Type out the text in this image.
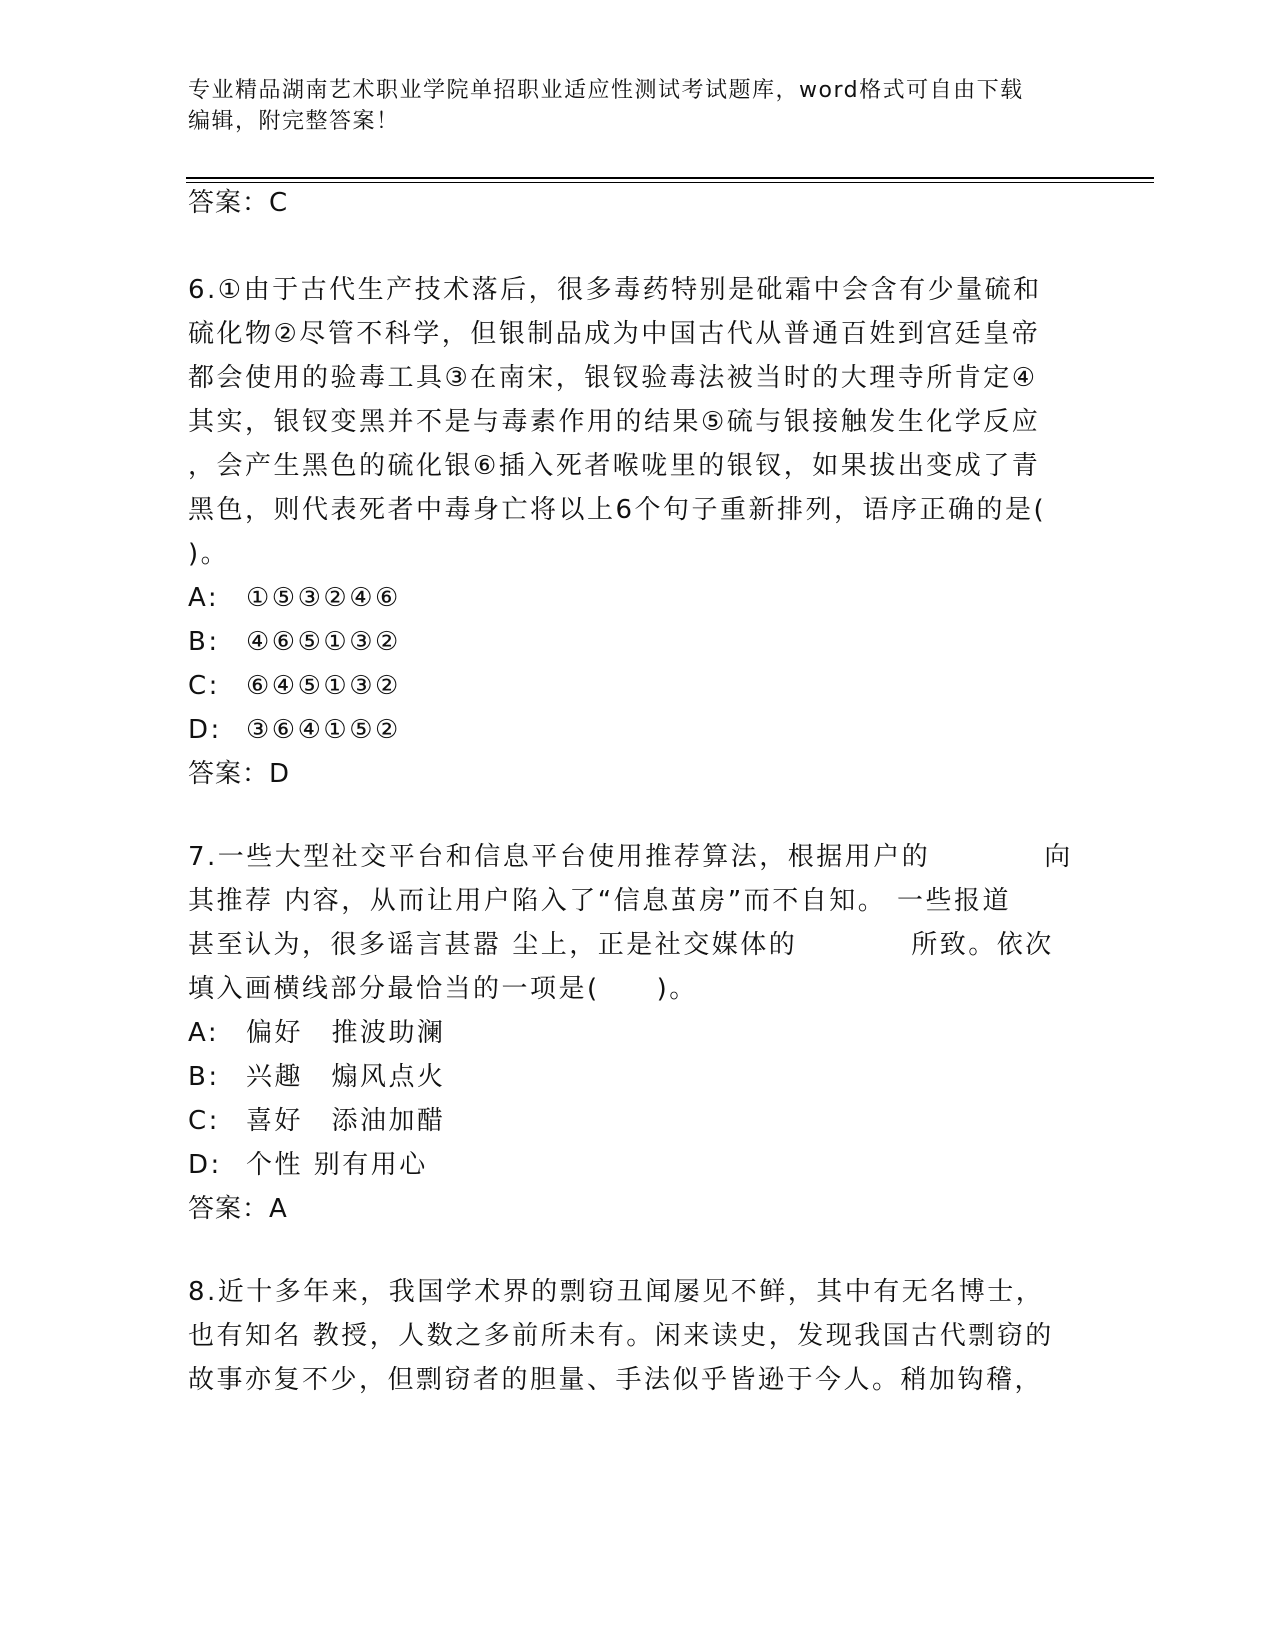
专业精品湖南艺术职业学院单招职业适应性测试考试题库，word格式可自由下载
编辑，附完整答案！
答案：C
6.①由于古代生产技术落后，很多毒药特别是砒霜中会含有少量硫和
硫化物②尽管不科学，但银制品成为中国古代从普通百姓到宫廷皇帝
都会使用的验毒工具③在南宋，银钗验毒法被当时的大理寺所肯定④
其实，银钗变黑并不是与毒素作用的结果⑤硫与银接触发生化学反应
，会产生黑色的硫化银⑥插入死者喉咙里的银钗，如果拔出变成了青
黑色，则代表死者中毒身亡将以上6个句子重新排列，语序正确的是(
)。
A: ①⑤③②④⑥
B: ④⑥⑤①③②
C: ⑥④⑤①③②
D: ③⑥④①⑤②
答案：D
7.一些大型社交平台和信息平台使用推荐算法，根据用户的　　　　向
其推荐 内容，从而让用户陷入了“信息茧房”而不自知。 一些报道
甚至认为，很多谣言甚嚣 尘上，正是社交媒体的　　　　所致。依次
填入画横线部分最恰当的一项是(　　)。
A: 偏好　推波助澜
B: 兴趣　煽风点火
C: 喜好　添油加醋
D: 个性 别有用心
答案：A
8.近十多年来，我国学术界的剽窃丑闻屡见不鲜，其中有无名博士，
也有知名 教授，人数之多前所未有。闲来读史，发现我国古代剽窃的
故事亦复不少，但剽窃者的胆量、手法似乎皆逊于今人。稍加钩稽，
